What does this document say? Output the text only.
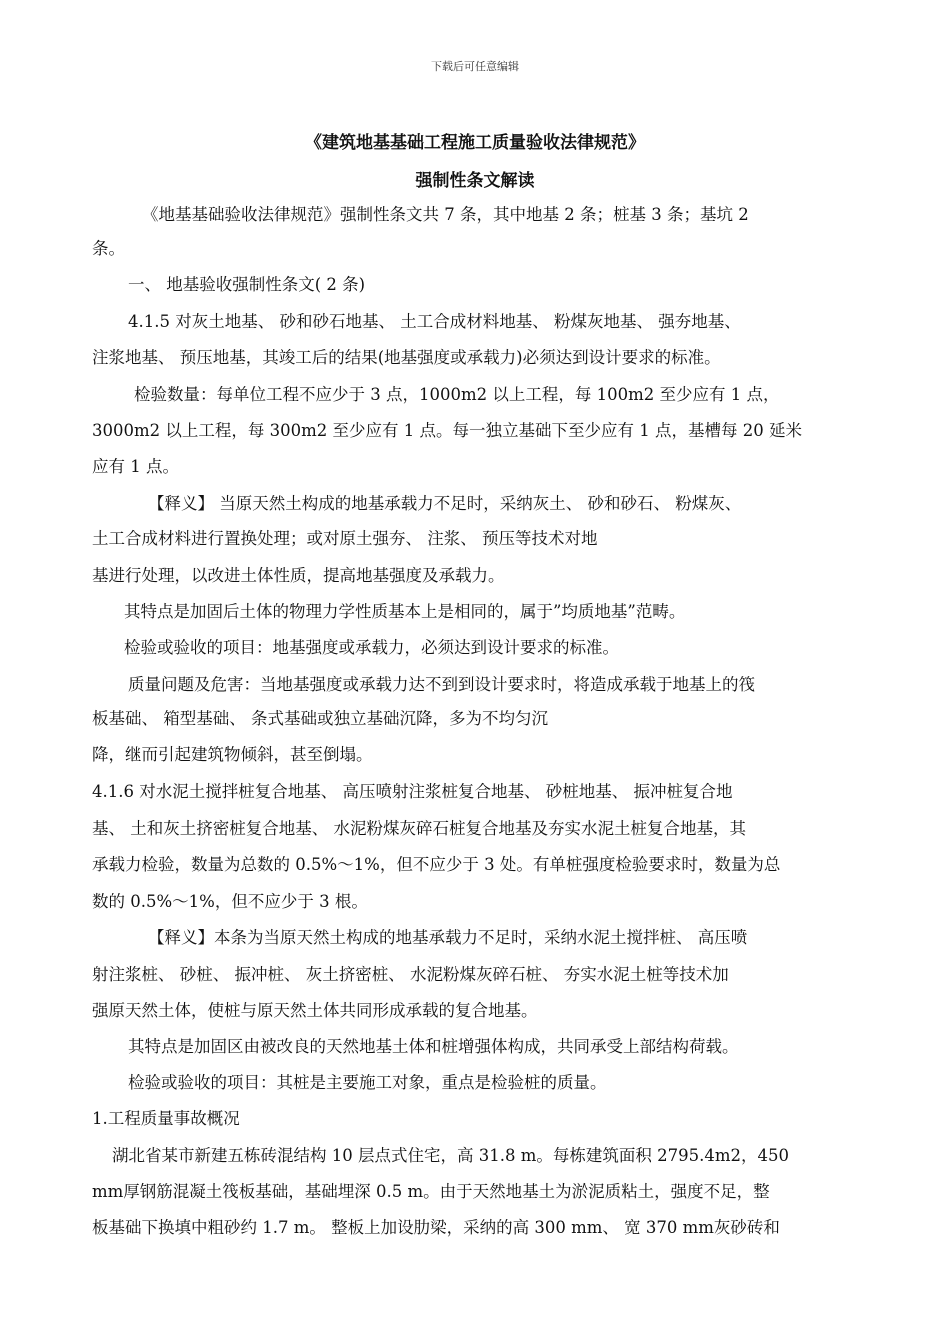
下载后可任意编辑
《建筑地基基础工程施工质量验收法律规范》
强制性条文解读
《地基基础验收法律规范》强制性条文共 7 条，其中地基 2 条；桩基 3 条；基坑 2
条。
一、 地基验收强制性条文( 2 条)
4.1.5 对灰土地基、 砂和砂石地基、 土工合成材料地基、 粉煤灰地基、 强夯地基、
注浆地基、 预压地基，其竣工后的结果(地基强度或承载力)必须达到设计要求的标准。
检验数量：每单位工程不应少于 3 点，1000m2 以上工程，每 100m2 至少应有 1 点，
3000m2 以上工程，每 300m2 至少应有 1 点。每一独立基础下至少应有 1 点，基槽每 20 延米
应有 1 点。
【释义】 当原天然土构成的地基承载力不足时，采纳灰土、 砂和砂石、 粉煤灰、
土工合成材料进行置换处理；或对原土强夯、 注浆、 预压等技术对地
基进行处理，以改进土体性质，提高地基强度及承载力。
其特点是加固后土体的物理力学性质基本上是相同的，属于”均质地基”范畴。
检验或验收的项目：地基强度或承载力，必须达到设计要求的标准。
质量问题及危害：当地基强度或承载力达不到到设计要求时，将造成承载于地基上的筏
板基础、 箱型基础、 条式基础或独立基础沉降，多为不均匀沉
降，继而引起建筑物倾斜，甚至倒塌。
4.1.6 对水泥土搅拌桩复合地基、 高压喷射注浆桩复合地基、 砂桩地基、 振冲桩复合地
基、 土和灰土挤密桩复合地基、 水泥粉煤灰碎石桩复合地基及夯实水泥土桩复合地基，其
承载力检验，数量为总数的 0.5%～1%，但不应少于 3 处。有单桩强度检验要求时，数量为总
数的 0.5%～1%，但不应少于 3 根。
【释义】本条为当原天然土构成的地基承载力不足时，采纳水泥土搅拌桩、 高压喷
射注浆桩、 砂桩、 振冲桩、 灰土挤密桩、 水泥粉煤灰碎石桩、 夯实水泥土桩等技术加
强原天然土体，使桩与原天然土体共同形成承载的复合地基。
其特点是加固区由被改良的天然地基土体和桩增强体构成，共同承受上部结构荷载。
检验或验收的项目：其桩是主要施工对象，重点是检验桩的质量。
1.工程质量事故概况
湖北省某市新建五栋砖混结构 10 层点式住宅，高 31.8 m。每栋建筑面积 2795.4m2，450
mm厚钢筋混凝土筏板基础，基础埋深 0.5 m。由于天然地基土为淤泥质粘土，强度不足，整
板基础下换填中粗砂约 1.7 m。 整板上加设肋梁，采纳的高 300 mm、 宽 370 mm灰砂砖和
